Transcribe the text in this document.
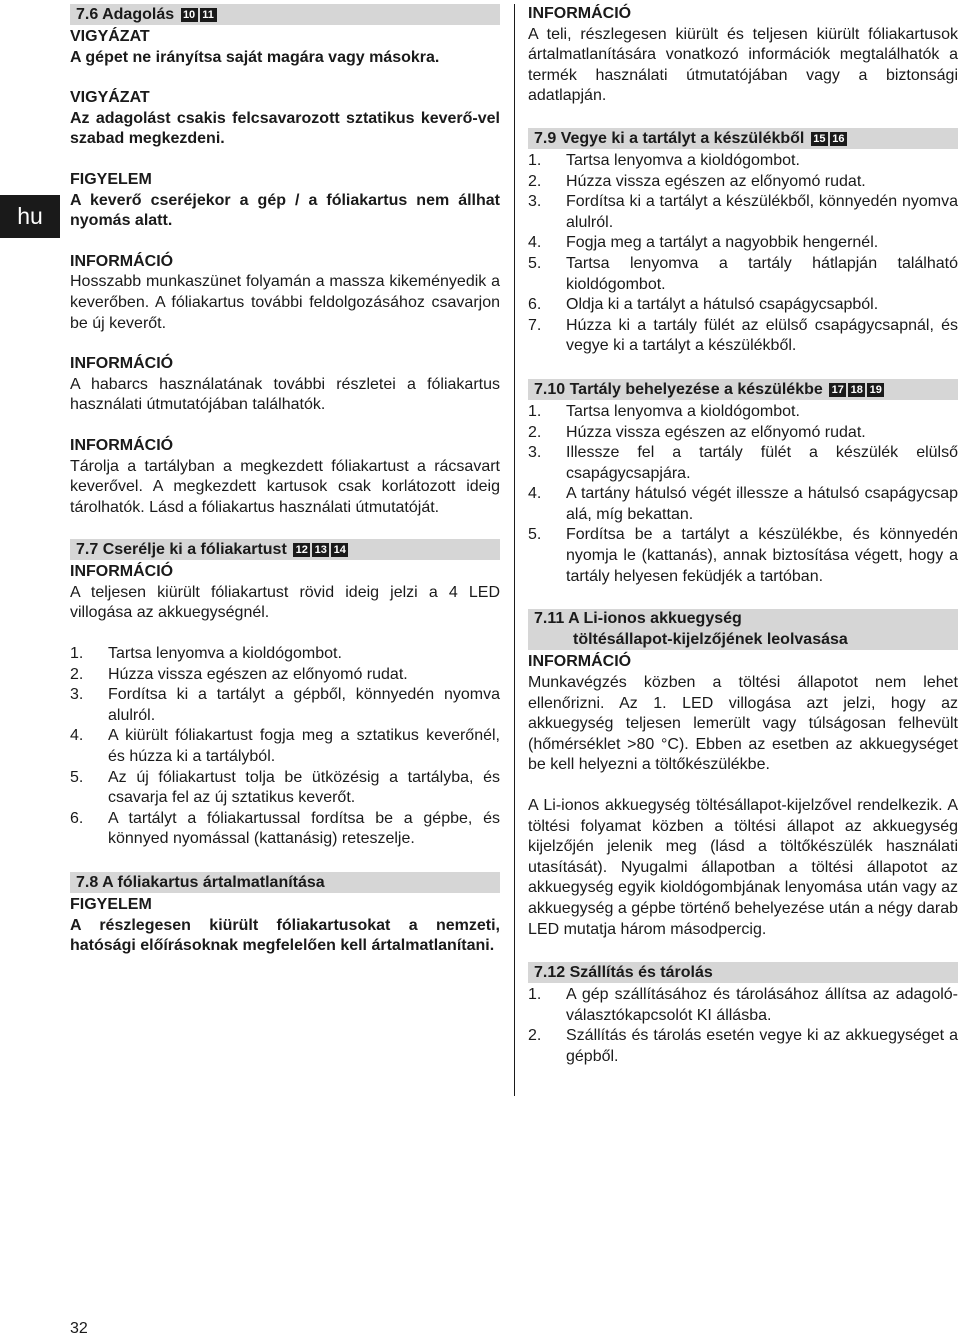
hu
7.6 Adagolás 10 11
VIGYÁZAT

A gépet ne irányítsa saját magára vagy másokra.

VIGYÁZAT

Az adagolást csakis felcsavarozott sztatikus keverő-vel szabad megkezdeni.

FIGYELEM

A keverő cseréjekor a gép / a fóliakartus nem állhat nyomás alatt.

INFORMÁCIÓ

Hosszabb munkaszünet folyamán a massza kikeményedik a keverőben. A fóliakartus további feldolgozásához csavarjon be új keverőt.

INFORMÁCIÓ

A habarcs használatának további részletei a fóliakartus használati útmutatójában találhatók.

INFORMÁCIÓ

Tárolja a tartályban a megkezdett fóliakartust a rácsavart keverővel. A megkezdett kartusok csak korlátozott ideig tárolhatók. Lásd a fóliakartus használati útmutatóját.

7.7 Cserélje ki a fóliakartust 12 13 14
INFORMÁCIÓ

A teljesen kiürült fóliakartust rövid ideig jelzi a 4 LED villogása az akkuegységnél.

1. Tartsa lenyomva a kioldógombot.
2. Húzza vissza egészen az előnyomó rudat.
3. Fordítsa ki a tartályt a gépből, könnyedén nyomva alulról.
4. A kiürült fóliakartust fogja meg a sztatikus keverőnél, és húzza ki a tartályból.
5. Az új fóliakartust tolja be ütközésig a tartályba, és csavarja fel az új sztatikus keverőt.
6. A tartályt a fóliakartussal fordítsa be a gépbe, és könnyed nyomással (kattanásig) reteszelje.
7.8 A fóliakartus ártalmatlanítása
FIGYELEM

A részlegesen kiürült fóliakartusokat a nemzeti, hatósági előírásoknak megfelelően kell ártalmatlanítani.

INFORMÁCIÓ

A teli, részlegesen kiürült és teljesen kiürült fóliakartusok ártalmatlanítására vonatkozó információk megtalálhatók a termék használati útmutatójában vagy a biztonsági adatlapján.

7.9 Vegye ki a tartályt a készülékből 15 16
1. Tartsa lenyomva a kioldógombot.
2. Húzza vissza egészen az előnyomó rudat.
3. Fordítsa ki a tartályt a készülékből, könnyedén nyomva alulról.
4. Fogja meg a tartályt a nagyobbik hengernél.
5. Tartsa lenyomva a tartály hátlapján található kioldógombot.
6. Oldja ki a tartályt a hátulsó csapágycsapból.
7. Húzza ki a tartály fülét az elülső csapágycsapnál, és vegye ki a tartályt a készülékből.
7.10 Tartály behelyezése a készülékbe 17 18 19
1. Tartsa lenyomva a kioldógombot.
2. Húzza vissza egészen az előnyomó rudat.
3. Illessze fel a tartály fülét a készülék elülső csapágycsapjára.
4. A tartány hátulsó végét illessze a hátulsó csapágycsap alá, míg bekattan.
5. Fordítsa be a tartályt a készülékbe, és könnyedén nyomja le (kattanás), annak biztosítása végett, hogy a tartály helyesen feküdjék a tartóban.
7.11 A Li-ionos akkuegység
töltésállapot-kijelzőjének leolvasása
INFORMÁCIÓ

Munkavégzés közben a töltési állapotot nem lehet ellenőrizni. Az 1. LED villogása azt jelzi, hogy az akkuegység teljesen lemerült vagy túlságosan felhevült (hőmérséklet >80 °C). Ebben az esetben az akkuegységet be kell helyezni a töltőkészülékbe.

A Li-ionos akkuegység töltésállapot-kijelzővel rendelkezik. A töltési folyamat közben a töltési állapot az akkuegység kijelzőjén jelenik meg (lásd a töltőkészülék használati utasítását). Nyugalmi állapotban a töltési állapotot az akkuegység egyik kioldógombjának lenyomása után vagy az akkuegység a gépbe történő behelyezése után a négy darab LED mutatja három másodpercig.

7.12 Szállítás és tárolás
1. A gép szállításához és tárolásához állítsa az adagoló-választókapcsolót KI állásba.
2. Szállítás és tárolás esetén vegye ki az akkuegységet a gépből.
32
